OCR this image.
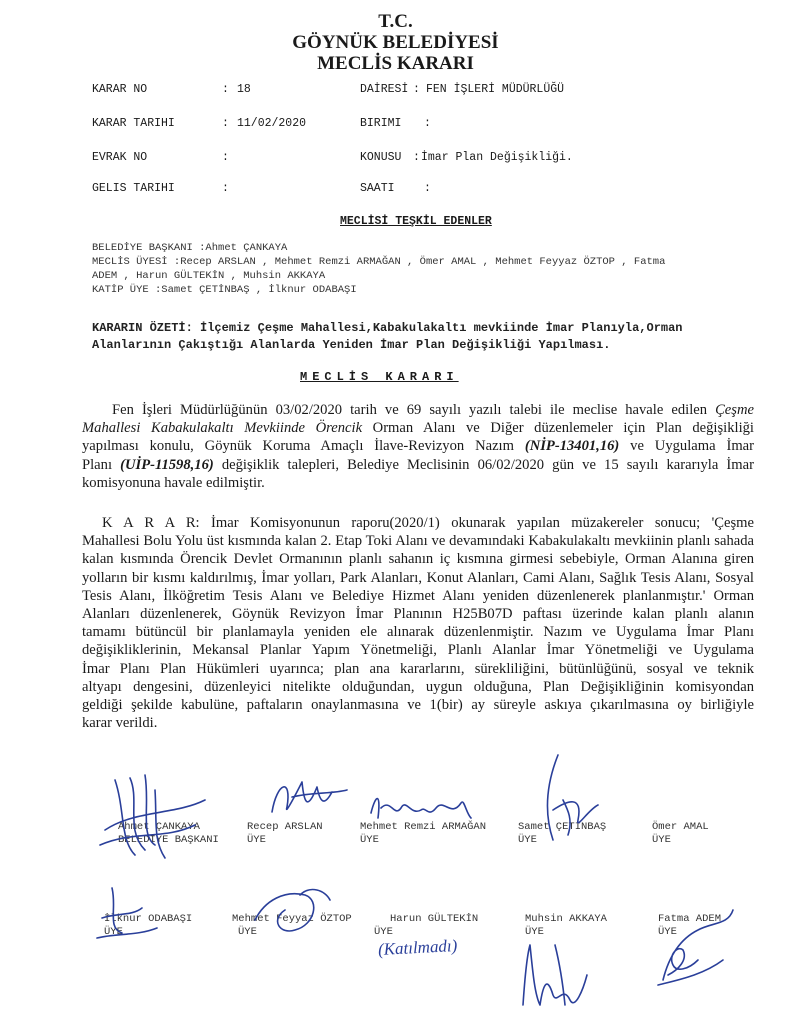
T.C.
GÖYNÜK BELEDİYESİ
MECLİS KARARI
KARAR NO	: 18	DAİRESİ : FEN İŞLERİ MÜDÜRLÜĞÜ
KARAR TARIHI	: 11/02/2020	BIRIMI :
EVRAK NO	:	KONUSU : İmar Plan Değişikliği.
GELIS TARIHI	:	SAATI	:
MECLİSİ TEŞKİL EDENLER
BELEDİYE BAŞKANI :Ahmet ÇANKAYA
MECLİS ÜYESİ :Recep ARSLAN , Mehmet Remzi ARMAĞAN , Ömer AMAL , Mehmet Feyyaz ÖZTOP , Fatma
ADEM , Harun GÜLTEKİN , Muhsin AKKAYA
KATİP ÜYE :Samet ÇETİNBAŞ , İlknur ODABAŞI
KARARIN ÖZETİ: İlçemiz Çeşme Mahallesi,Kabakulakaltı mevkiinde İmar Planıyla,Orman
Alanlarının Çakıştığı Alanlarda Yeniden İmar Plan Değişikliği Yapılması.
MECLİS KARARI
Fen İşleri Müdürlüğünün 03/02/2020 tarih ve 69 sayılı yazılı talebi ile meclise havale edilen Çeşme
Mahallesi Kabakulakaltı Mevkiinde Örencik Orman Alanı ve Diğer düzenlemeler için Plan değişikliği
yapılması konulu, Göynük Koruma Amaçlı İlave-Revizyon Nazım (NİP-13401,16) ve Uygulama İmar
Planı (UİP-11598,16) değişiklik talepleri, Belediye Meclisinin 06/02/2020 gün ve 15 sayılı kararıyla İmar
komisyonuna havale edilmiştir.
K A R A R: İmar Komisyonunun raporu(2020/1) okunarak yapılan müzakereler sonucu; 'Çeşme
Mahallesi Bolu Yolu üst kısmında kalan 2. Etap Toki Alanı ve devamındaki Kabakulakaltı mevkiinin planlı sahada
kalan kısmında Örencik Devlet Ormanının planlı sahanın iç kısmına girmesi sebebiyle, Orman Alanına giren
yolların bir kısmı kaldırılmış, İmar yolları, Park Alanları, Konut Alanları, Cami Alanı, Sağlık Tesis Alanı, Sosyal
Tesis Alanı, İlköğretim Tesis Alanı ve Belediye Hizmet Alanı yeniden düzenlenerek planlanmıştır.' Orman
Alanları düzenlenerek, Göynük Revizyon İmar Planının H25B07D paftası üzerinde kalan planlı alanın
tamamı bütüncül bir planlamayla yeniden ele alınarak düzenlenmiştir. Nazım ve Uygulama İmar Planı
değişikliklerinin, Mekansal Planlar Yapım Yönetmeliği, Planlı Alanlar İmar Yönetmeliği ve Uygulama
İmar Planı Plan Hükümleri uyarınca; plan ana kararlarını, sürekliliğini, bütünlüğünü, sosyal ve teknik
altyapı dengesini, düzenleyici nitelikte olduğundan, uygun olduğuna, Plan Değişikliğinin komisyondan
geldiği şekilde kabulüne, paftaların onaylanmasına ve 1(bir) ay süreyle askıya çıkarılmasına oy birliğiyle
karar verildi.
Ahmet ÇANKAYA
BELEDİYE BAŞKANI
Recep ARSLAN
ÜYE
Mehmet Remzi ARMAĞAN
ÜYE
Samet ÇETİNBAŞ
ÜYE
Ömer AMAL
ÜYE
İlknur ODABAŞI
ÜYE
Mehmet Feyyaz ÖZTOP
ÜYE
Harun GÜLTEKİN
ÜYE
Muhsin AKKAYA
ÜYE
Fatma ADEM
ÜYE
(Katılmadı)
